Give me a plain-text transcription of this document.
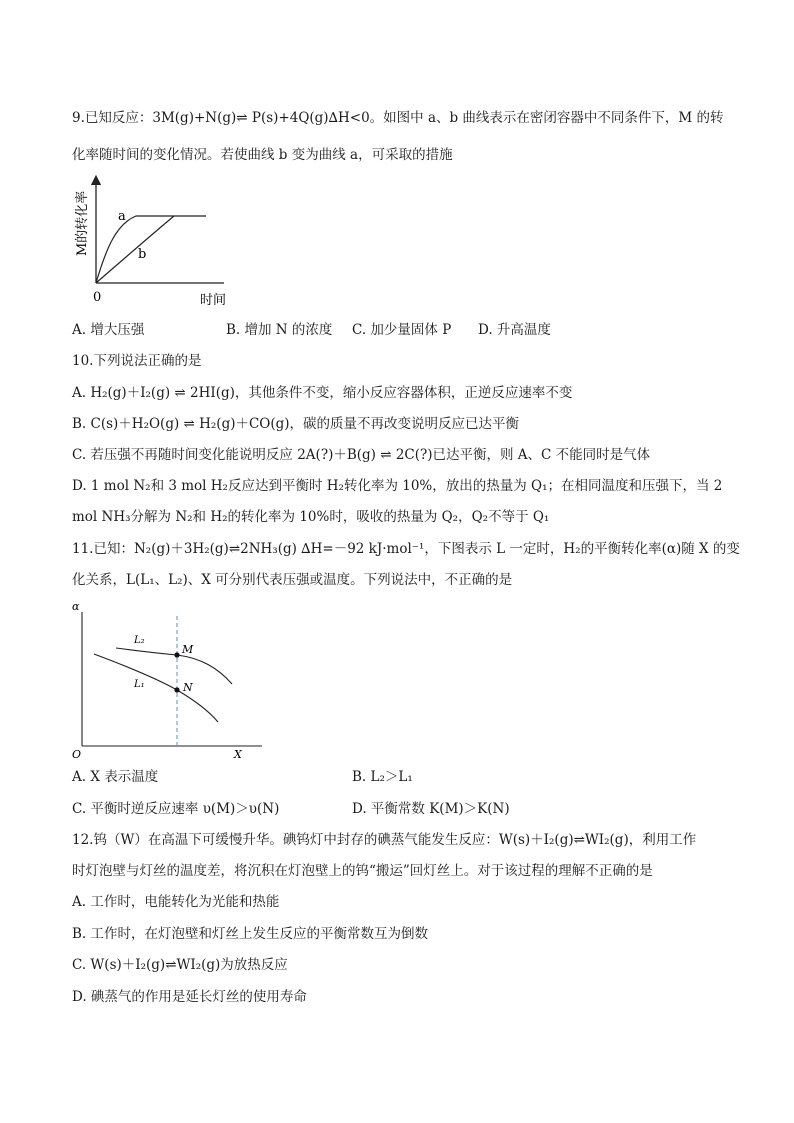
9.已知反应：3M(g)+N(g)⇌ P(s)+4Q(g)∆H<0。如图中 a、b 曲线表示在密闭容器中不同条件下，M 的转
化率随时间的变化情况。若使曲线 b 变为曲线 a，可采取的措施
a
b
0	时间
M的转化率
A. 增大压强	B. 增加 N 的浓度 C. 加少量固体 P D. 升高温度
10.下列说法正确的是
A. H₂(g)＋I₂(g) ⇌ 2HI(g)，其他条件不变，缩小反应容器体积，正逆反应速率不变
B. C(s)＋H₂O(g) ⇌ H₂(g)＋CO(g)，碳的质量不再改变说明反应已达平衡
C. 若压强不再随时间变化能说明反应 2A(?)＋B(g) ⇌ 2C(?)已达平衡，则 A、C 不能同时是气体
D. 1 mol N₂和 3 mol H₂反应达到平衡时 H₂转化率为 10%，放出的热量为 Q₁；在相同温度和压强下，当 2
mol NH₃分解为 N₂和 H₂的转化率为 10%时，吸收的热量为 Q₂，Q₂不等于 Q₁
11.已知：N₂(g)＋3H₂(g)⇌2NH₃(g) ∆H=－92 kJ·mol⁻¹，下图表示 L 一定时，H₂的平衡转化率(α)随 X 的变
化关系，L(L₁、L₂)、X 可分别代表压强或温度。下列说法中，不正确的是
M
N
L₂
L₁
α
X
O
A. X 表示温度	B. L₂＞L₁
C. 平衡时逆反应速率 υ(M)＞υ(N)	D. 平衡常数 K(M)＞K(N)
12.钨（W）在高温下可缓慢升华。碘钨灯中封存的碘蒸气能发生反应：W(s)＋I₂(g)⇌WI₂(g)，利用工作
时灯泡壁与灯丝的温度差，将沉积在灯泡壁上的钨“搬运”回灯丝上。对于该过程的理解不正确的是
A. 工作时，电能转化为光能和热能
B. 工作时，在灯泡壁和灯丝上发生反应的平衡常数互为倒数
C. W(s)＋I₂(g)⇌WI₂(g)为放热反应
D. 碘蒸气的作用是延长灯丝的使用寿命
